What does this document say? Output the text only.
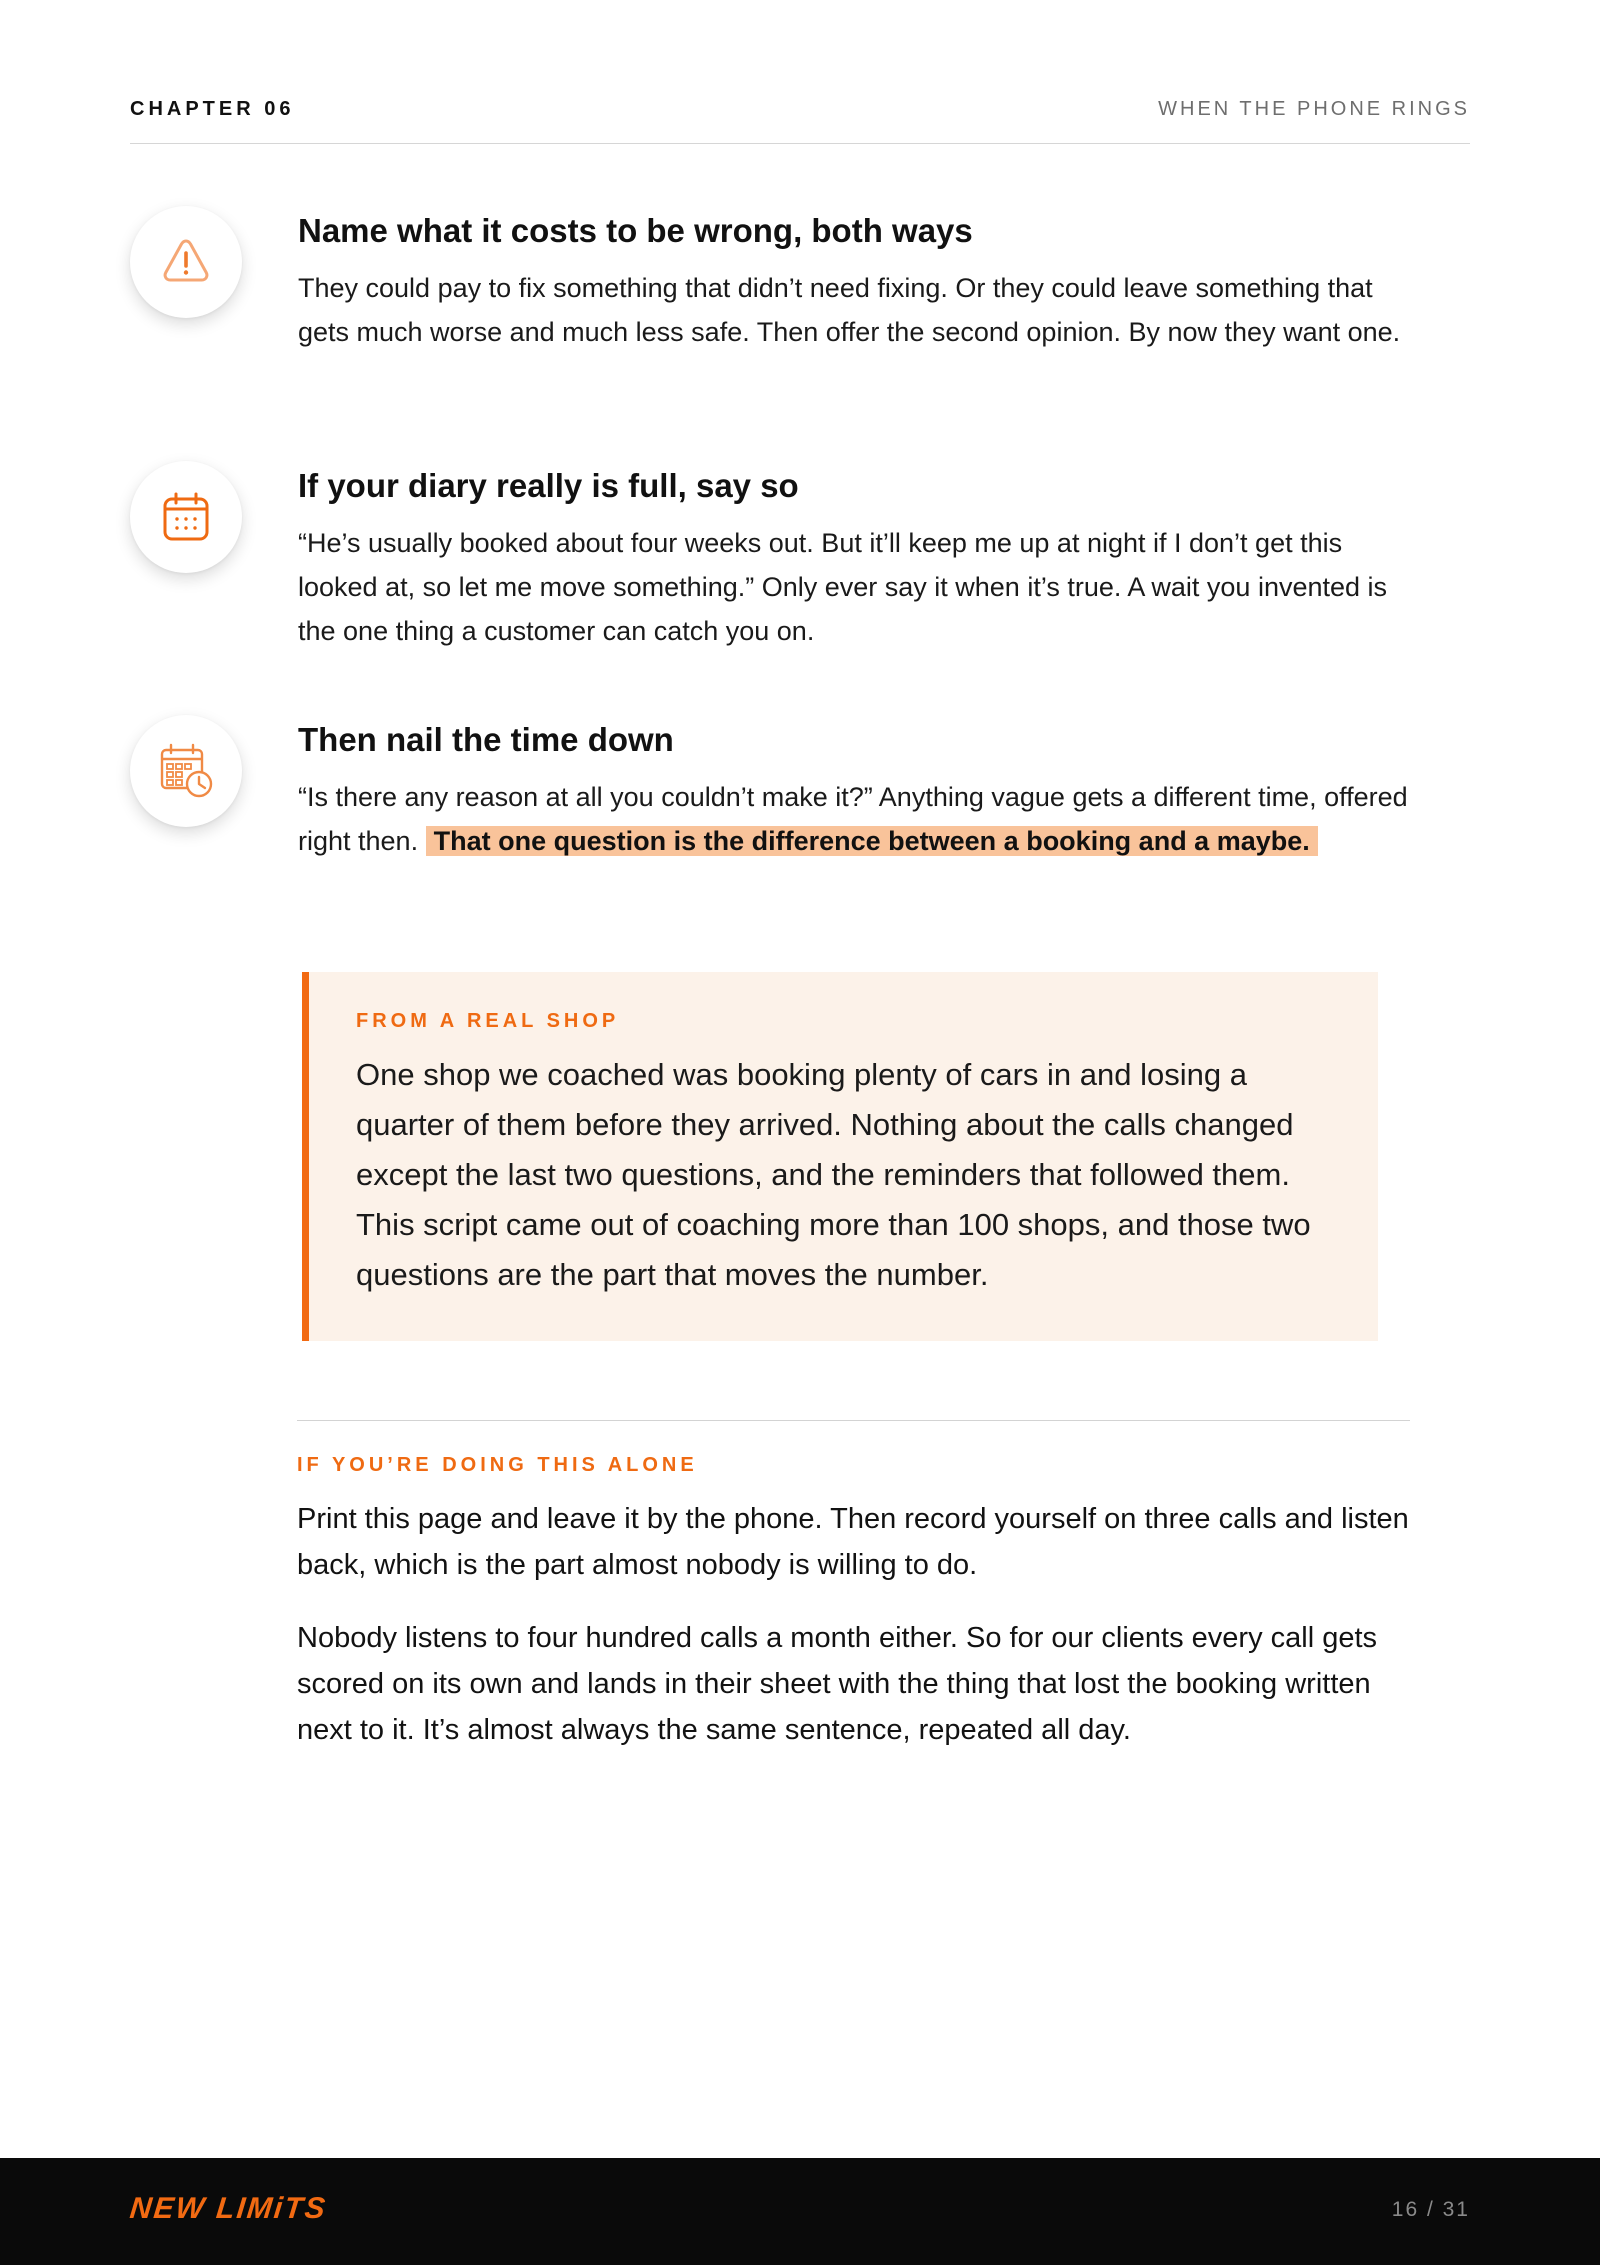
CHAPTER 06	WHEN THE PHONE RINGS
Name what it costs to be wrong, both ways
They could pay to fix something that didn’t need fixing. Or they could leave something that gets much worse and much less safe. Then offer the second opinion. By now they want one.
If your diary really is full, say so
“He’s usually booked about four weeks out. But it’ll keep me up at night if I don’t get this looked at, so let me move something.” Only ever say it when it’s true. A wait you invented is the one thing a customer can catch you on.
Then nail the time down
“Is there any reason at all you couldn’t make it?” Anything vague gets a different time, offered right then. That one question is the difference between a booking and a maybe.
FROM A REAL SHOP
One shop we coached was booking plenty of cars in and losing a quarter of them before they arrived. Nothing about the calls changed except the last two questions, and the reminders that followed them. This script came out of coaching more than 100 shops, and those two questions are the part that moves the number.
IF YOU’RE DOING THIS ALONE

Print this page and leave it by the phone. Then record yourself on three calls and listen back, which is the part almost nobody is willing to do.

Nobody listens to four hundred calls a month either. So for our clients every call gets scored on its own and lands in their sheet with the thing that lost the booking written next to it. It’s almost always the same sentence, repeated all day.

NEW LIMiTS	16 / 31
